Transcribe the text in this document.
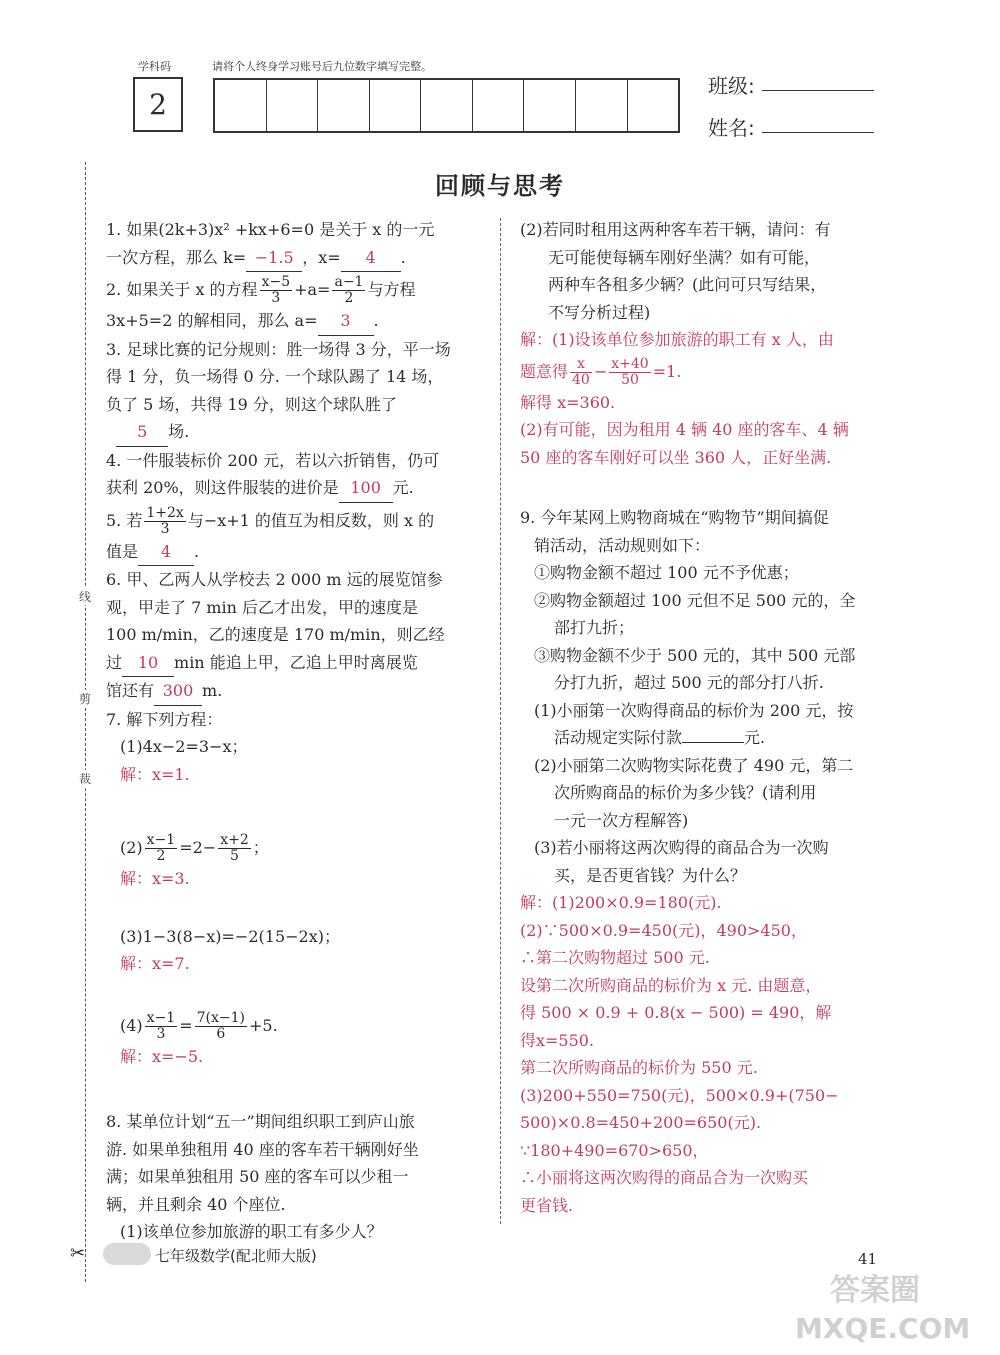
学科码	请将个人终身学习账号后九位数字填写完整。
2
班级:
姓名:
回顾与思考
线
剪
裁

1. 如果(2k+3)x² +kx+6=0 是关于 x 的一元

一次方程，那么 k= −1.5 ，x= 4 .

2. 如果关于 x 的方程 $\frac{x-5}{3} +a= \frac{a-1}{2}$ 与方程

3x+5=2 的解相同，那么 a= 3 .

3. 足球比赛的记分规则：胜一场得 3 分，平一场

得 1 分，负一场得 0 分. 一个球队踢了 14 场，

负了 5 场，共得 19 分，则这个球队胜了

5 场.

4. 一件服装标价 200 元，若以六折销售，仍可

获利 20%，则这件服装的进价是 100 元.

5. 若 $\frac{1+2x}{3}$ 与−x+1 的值互为相反数，则 x 的

值是 4 .

6. 甲、乙两人从学校去 2 000 m 远的展览馆参

观，甲走了 7 min 后乙才出发，甲的速度是

100 m/min，乙的速度是 170 m/min，则乙经

过 10 min 能追上甲，乙追上甲时离展览

馆还有 300 m.

7. 解下列方程：

(1)4x−2=3−x；

解：x=1.

$(2) \frac{x-1}{2} =2- \frac{x+2}{5}$ ；

解：x=3.

(3)1−3(8−x)=−2(15−2x)；

解：x=7.

$(4) \frac{x-1}{3} = \frac{7(x-1)}{6} +5$.

解：x=−5.

8. 某单位计划“五一”期间组织职工到庐山旅

游. 如果单独租用 40 座的客车若干辆刚好坐

满；如果单独租用 50 座的客车可以少租一

辆，并且剩余 40 个座位.

(1)该单位参加旅游的职工有多少人？

(2)若同时租用这两种客车若干辆，请问：有

无可能使每辆车刚好坐满？如有可能，

两种车各租多少辆？(此问可只写结果，

不写分析过程)

解：(1)设该单位参加旅游的职工有 x 人，由

题意得 $\frac{x}{40} - \frac{x+40}{50} =1$.

解得 x=360.

(2)有可能，因为租用 4 辆 40 座的客车、4 辆

50 座的客车刚好可以坐 360 人，正好坐满.

9. 今年某网上购物商城在“购物节”期间搞促

销活动，活动规则如下：

①购物金额不超过 100 元不予优惠；

②购物金额超过 100 元但不足 500 元的，全

部打九折；

③购物金额不少于 500 元的，其中 500 元部

分打九折，超过 500 元的部分打八折.

(1)小丽第一次购得商品的标价为 200 元，按

活动规定实际付款	元.

(2)小丽第二次购物实际花费了 490 元，第二

次所购商品的标价为多少钱？(请利用

一元一次方程解答)

(3)若小丽将这两次购得的商品合为一次购

买，是否更省钱？为什么？

解：(1)200×0.9=180(元).

(2)∵500×0.9=450(元)，490>450，

∴第二次购物超过 500 元.

设第二次所购商品的标价为 x 元. 由题意，

得 500 × 0.9 + 0.8(x − 500) = 490，解

得x=550.

第二次所购商品的标价为 550 元.

(3)200+550=750(元)，500×0.9+(750−

500)×0.8=450+200=650(元).

∵180+490=670>650，

∴小丽将这两次购得的商品合为一次购买

更省钱.

✂	七年级数学(配北师大版)	41
答案圈
MXQE.COM
